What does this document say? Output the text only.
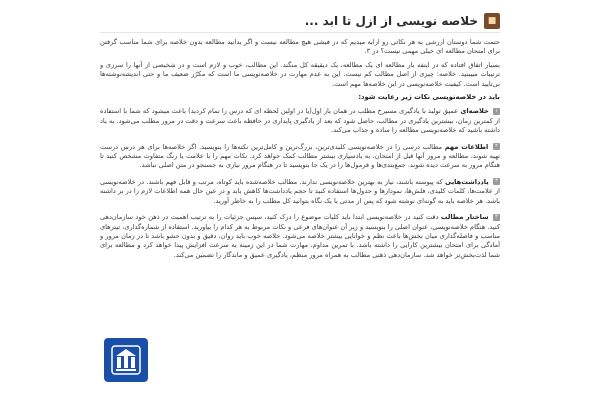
■
خلاصه نویسی از ازل تا ابد ...

حتمت شما دوستان ارزشی به هر نکاتی رو ارایه میدیم که در فیشی هیچ مطالعه نیست و اگر بدانید مطالعه بدون خلاصه برای شما مناسب گرفتن برای امتحان مطالعه ای خیلی مهمی نیست؟ در ۳.

بسیار اتفاق افتاده که در ایتفه بار مطالعه ای یک مطالعه، یک دیقیقه کل منگند. این مطالب، خوب و لازم است و در شخیصی از آنها را سرزی و ترتیبات میبینید. خلاصه: چیزی از اصل مطالب کم نیست. این به عدم مهارت در خلاصه‌نویسی ما است که مکرّر ضعیف ما و حتی اندیشه‌نوشته‌ها بی‌تایید است. کیفیت خلاصه‌نویسی در این خلاصه‌ها مهم است.

باید در خلاصه‌نویسی نکات زیر رعایت شود:
۱ خلاصه‌ای عمیق تولید با یادگیری مسیرخ مطلب در همان بار اول(یا در اولین لحظه ای که درس را تمام کردید) باعث میشود که شما با استفاده از کمترین زمان، بیشترین یادگیری در مطالب، حاصل شود که بعد از یادگیری پایداری در حافظه باعث سرعت و دقت در مرور مطلب می‌شود. به یاد داشته باشید که خلاصه‌نویسی مطالعه را ساده و جذاب می‌کند.
۲ اطلاعات مهم مطالب درسی را در خلاصه‌نویسی کلیدی‌ترین، بزرگ‌ترین و کامل‌ترین نکته‌ها را بنویسید. اگر خلاصه‌ها برای هر درس درست تهیه شوند، مطالعه و مرور آنها قبل از امتحان، به یادسپاری بیشتر مطالب کمک خواهد کرد. نکات مهم را با علامت یا رنگ متفاوت مشخص کنید تا هنگام مرور به سرعت دیده شوند. جمع‌بندی‌ها و فرمول‌ها را در یک جا بنویسید تا در هنگام مرور نیازی به جستجو در متن اصلی نباشد.
۳ یادداشت‌هایی که پیوسته باشند، نیاز به بهترین خلاصه‌نویسی ندارند. مطالب خلاصه‌شده باید کوتاه، مرتب و قابل فهم باشند. در خلاصه‌نویسی از علامت‌ها، کلمات کلیدی، فلش‌ها، نمودارها و جدول‌ها استفاده کنید تا حجم یادداشت‌ها کاهش یابد و در عین حال همه اطلاعات لازم را در بر داشته باشد. هر خلاصه باید به گونه‌ای نوشته شود که پس از مدتی با یک نگاه بتوانید کل مطلب را به خاطر آورید.
۴ ساختار مطالب دقت کنید در خلاصه‌نویسی ابتدا باید کلیات موضوع را درک کنید، سپس جزئیات را به ترتیب اهمیت در ذهن خود سازمان‌دهی کنید. هنگام خلاصه‌نویسی، عنوان اصلی را بنویسید و زیر آن عنوان‌های فرعی و نکات مربوط به هر کدام را بیاورید. استفاده از شماره‌گذاری، تیترهای مناسب و فاصله‌گذاری میان بخش‌ها باعث نظم و خوانایی بیشتر خلاصه می‌شود. خلاصه خوب باید روان، دقیق و بدون حشو باشد تا در زمان مرور و آمادگی برای امتحان بیشترین کارایی را داشته باشد. با تمرین مداوم، مهارت شما در این زمینه به سرعت افزایش پیدا خواهد کرد و مطالعه برای شما لذت‌بخش‌تر خواهد شد. سازمان‌دهی ذهنی مطالب به همراه مرور منظم، یادگیری عمیق و ماندگار را تضمین می‌کند.
